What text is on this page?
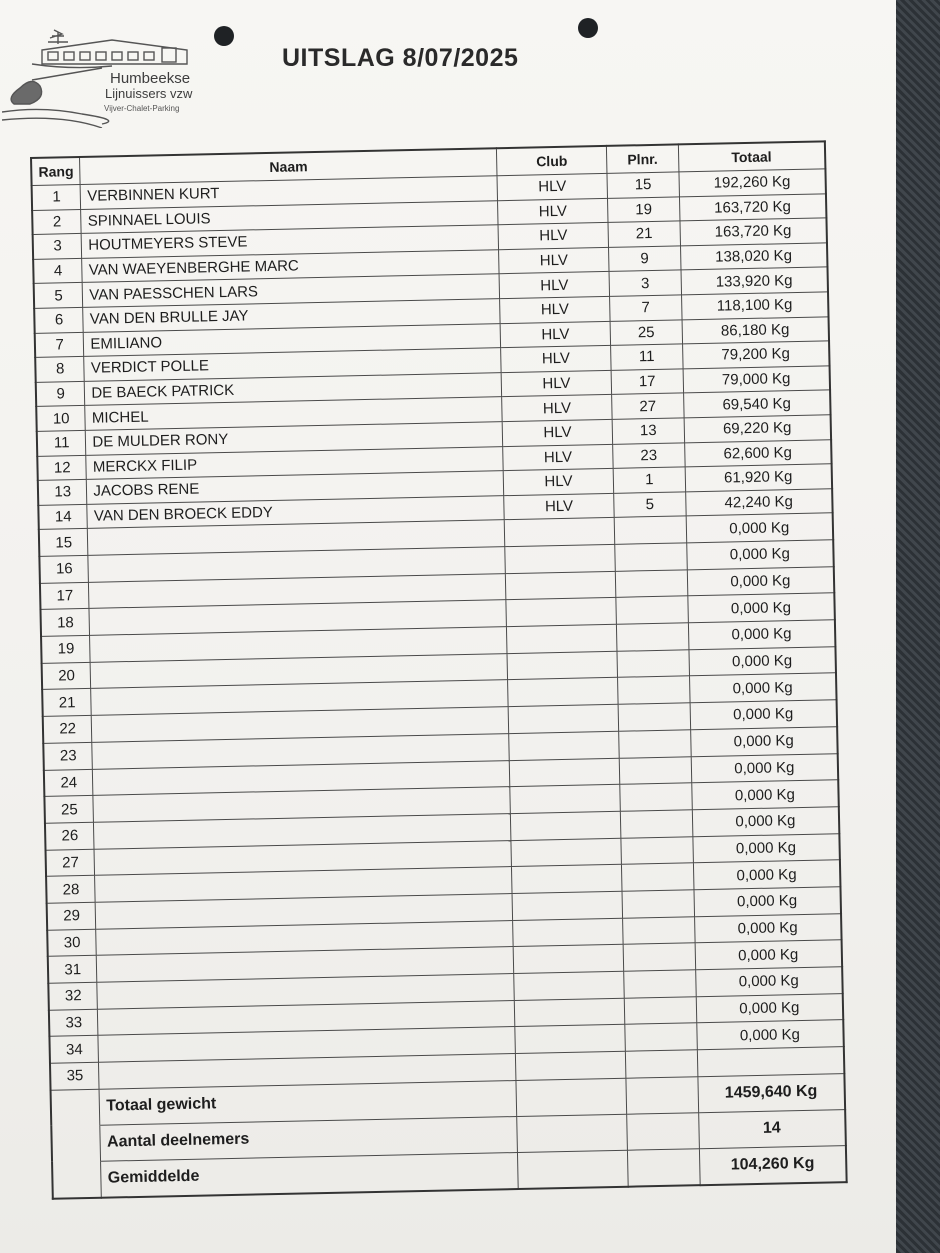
Humbeekse
Lijnuissers vzw
Vijver-Chalet-Parking
UITSLAG 8/07/2025
Rang	Naam	Club	Plnr.	Totaal
1	VERBINNEN KURT	HLV	15	192,260 Kg
2	SPINNAEL LOUIS	HLV	19	163,720 Kg
3	HOUTMEYERS STEVE	HLV	21	163,720 Kg
4	VAN WAEYENBERGHE MARC	HLV	9	138,020 Kg
5	VAN PAESSCHEN LARS	HLV	3	133,920 Kg
6	VAN DEN BRULLE JAY	HLV	7	118,100 Kg
7	EMILIANO	HLV	25	86,180 Kg
8	VERDICT POLLE	HLV	11	79,200 Kg
9	DE BAECK PATRICK	HLV	17	79,000 Kg
10	MICHEL	HLV	27	69,540 Kg
11	DE MULDER RONY	HLV	13	69,220 Kg
12	MERCKX FILIP	HLV	23	62,600 Kg
13	JACOBS RENE	HLV	1	61,920 Kg
14	VAN DEN BROECK EDDY	HLV	5	42,240 Kg
15				0,000 Kg
16				0,000 Kg
17				0,000 Kg
18				0,000 Kg
19				0,000 Kg
20				0,000 Kg
21				0,000 Kg
22				0,000 Kg
23				0,000 Kg
24				0,000 Kg
25				0,000 Kg
26				0,000 Kg
27				0,000 Kg
28				0,000 Kg
29				0,000 Kg
30				0,000 Kg
31				0,000 Kg
32				0,000 Kg
33				0,000 Kg
34				0,000 Kg
35				
	Totaal gewicht			1459,640 Kg
	Aantal deelnemers			14
	Gemiddelde			104,260 Kg
